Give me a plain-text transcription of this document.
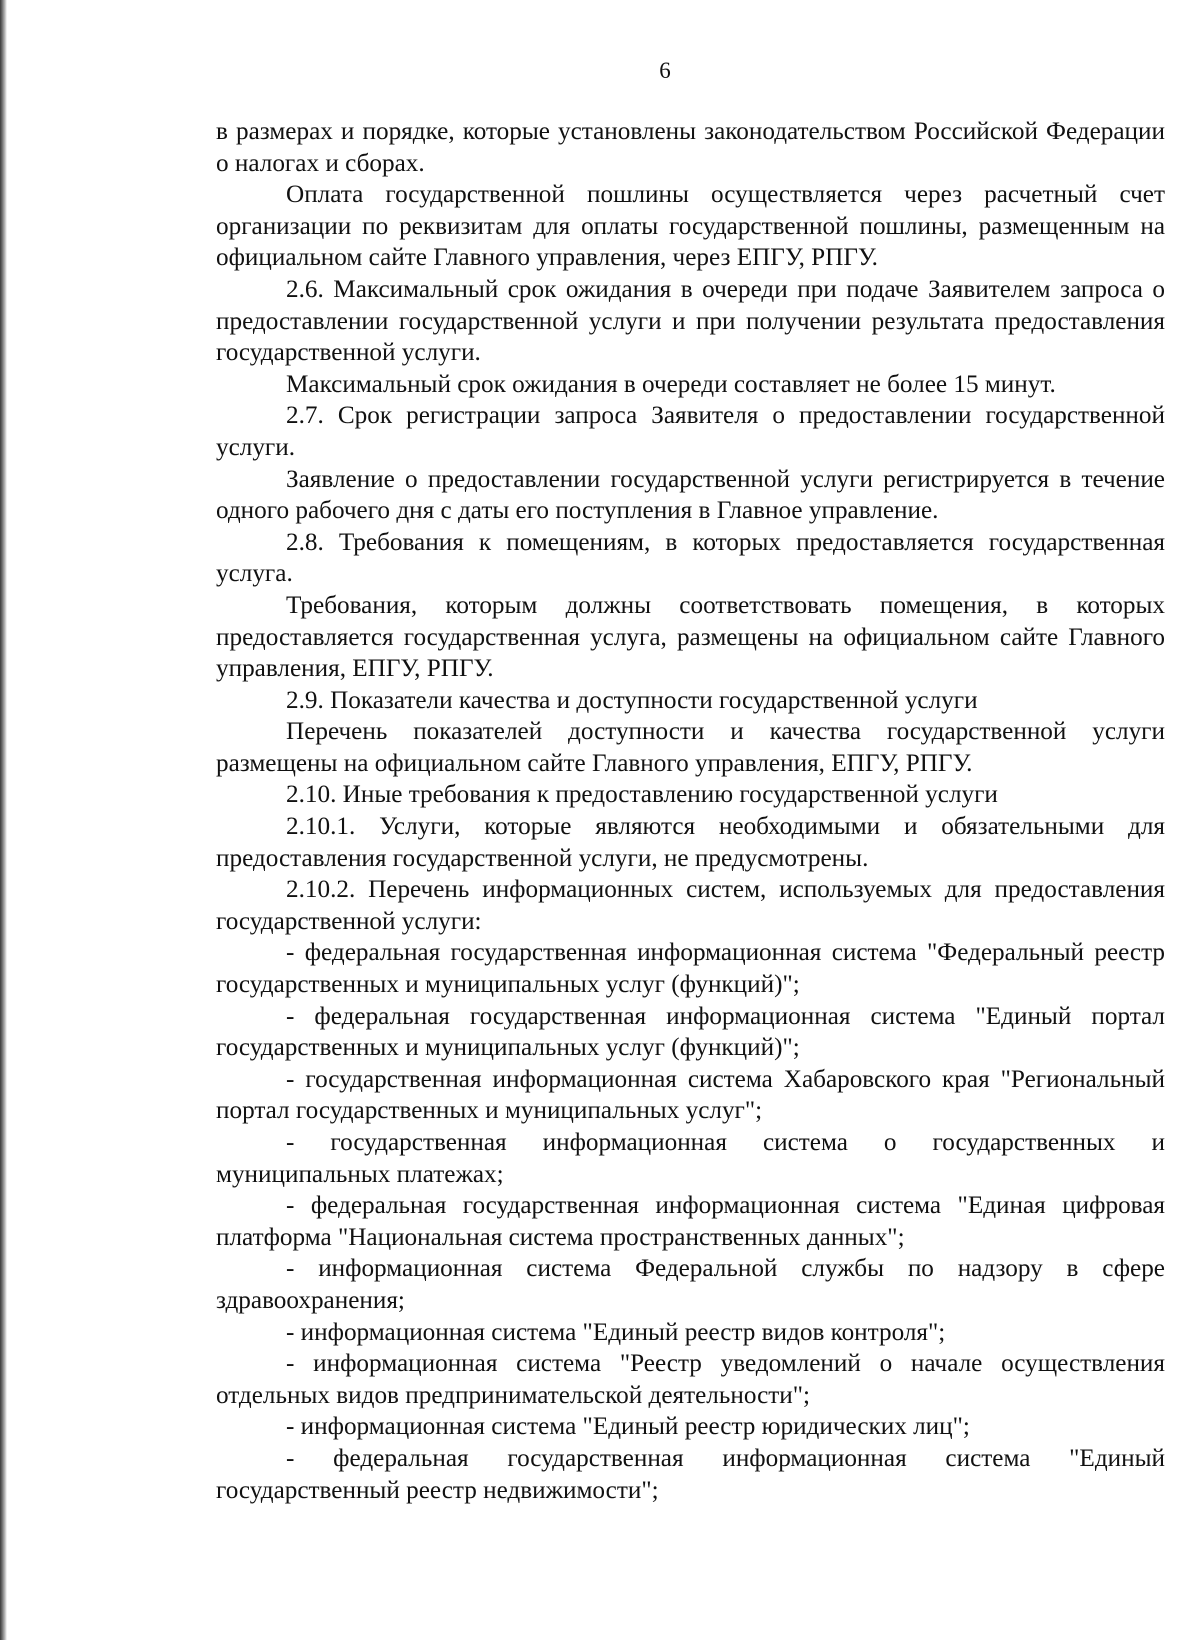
6

в размерах и порядке, которые установлены законодательством Российской Федерации о налогах и сборах.

Оплата государственной пошлины осуществляется через расчетный счет организации по реквизитам для оплаты государственной пошлины, размещенным на официальном сайте Главного управления, через ЕПГУ, РПГУ.

2.6. Максимальный срок ожидания в очереди при подаче Заявителем запроса о предоставлении государственной услуги и при получении результата предоставления государственной услуги.

Максимальный срок ожидания в очереди составляет не более 15 минут.

2.7. Срок регистрации запроса Заявителя о предоставлении государственной услуги.

Заявление о предоставлении государственной услуги регистрируется в течение одного рабочего дня с даты его поступления в Главное управление.

2.8. Требования к помещениям, в которых предоставляется государственная услуга.

Требования, которым должны соответствовать помещения, в которых предоставляется государственная услуга, размещены на официальном сайте Главного управления, ЕПГУ, РПГУ.

2.9. Показатели качества и доступности государственной услуги

Перечень показателей доступности и качества государственной услуги размещены на официальном сайте Главного управления, ЕПГУ, РПГУ.

2.10. Иные требования к предоставлению государственной услуги

2.10.1. Услуги, которые являются необходимыми и обязательными для предоставления государственной услуги, не предусмотрены.

2.10.2. Перечень информационных систем, используемых для предоставления государственной услуги:

- федеральная государственная информационная система "Федеральный реестр государственных и муниципальных услуг (функций)";

- федеральная государственная информационная система "Единый портал государственных и муниципальных услуг (функций)";

- государственная информационная система Хабаровского края "Региональный портал государственных и муниципальных услуг";

- государственная информационная система о государственных и муниципальных платежах;

- федеральная государственная информационная система "Единая цифровая платформа "Национальная система пространственных данных";

- информационная система Федеральной службы по надзору в сфере здравоохранения;

- информационная система "Единый реестр видов контроля";

- информационная система "Реестр уведомлений о начале осуществления отдельных видов предпринимательской деятельности";

- информационная система "Единый реестр юридических лиц";

- федеральная государственная информационная система "Единый государственный реестр недвижимости";
